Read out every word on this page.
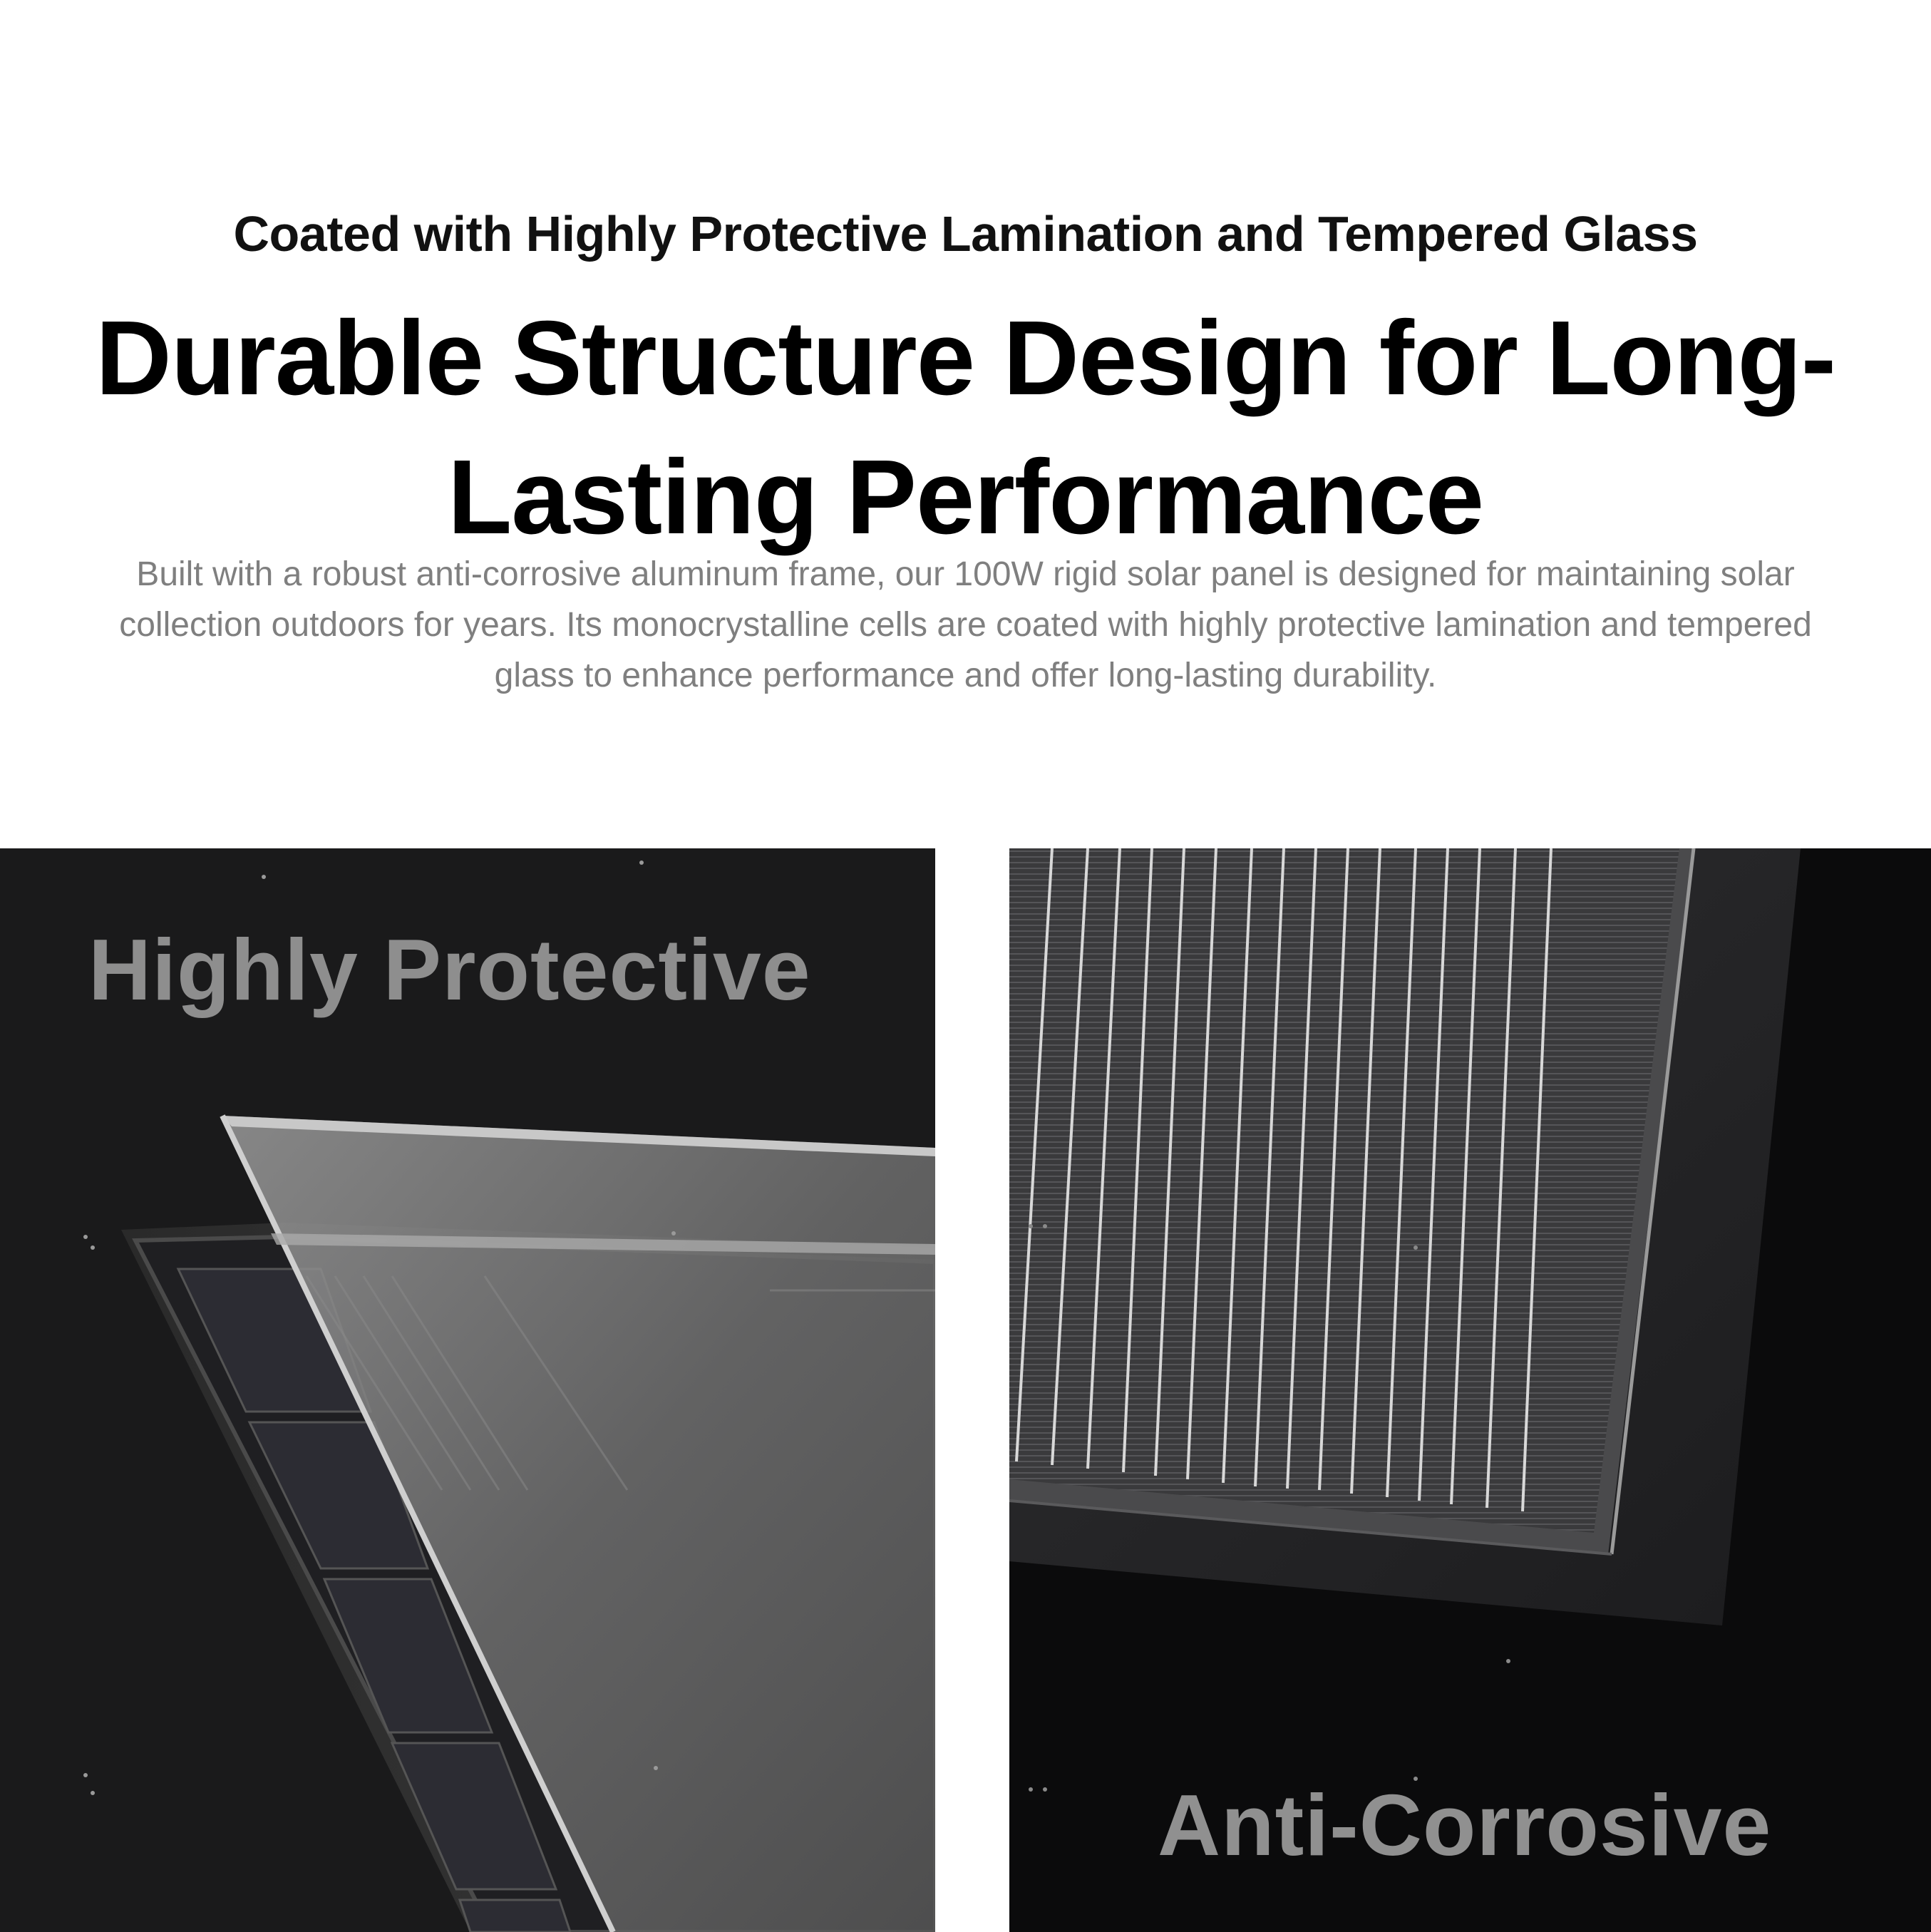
Coated with Highly Protective Lamination and Tempered Glass
Durable Structure Design for Long-Lasting Performance
Built with a robust anti-corrosive aluminum frame, our 100W rigid solar panel is designed for maintaining solar collection outdoors for years. Its monocrystalline cells are coated with highly protective lamination and tempered glass to enhance performance and offer long-lasting durability.
Highly Protective
Anti-Corrosive
